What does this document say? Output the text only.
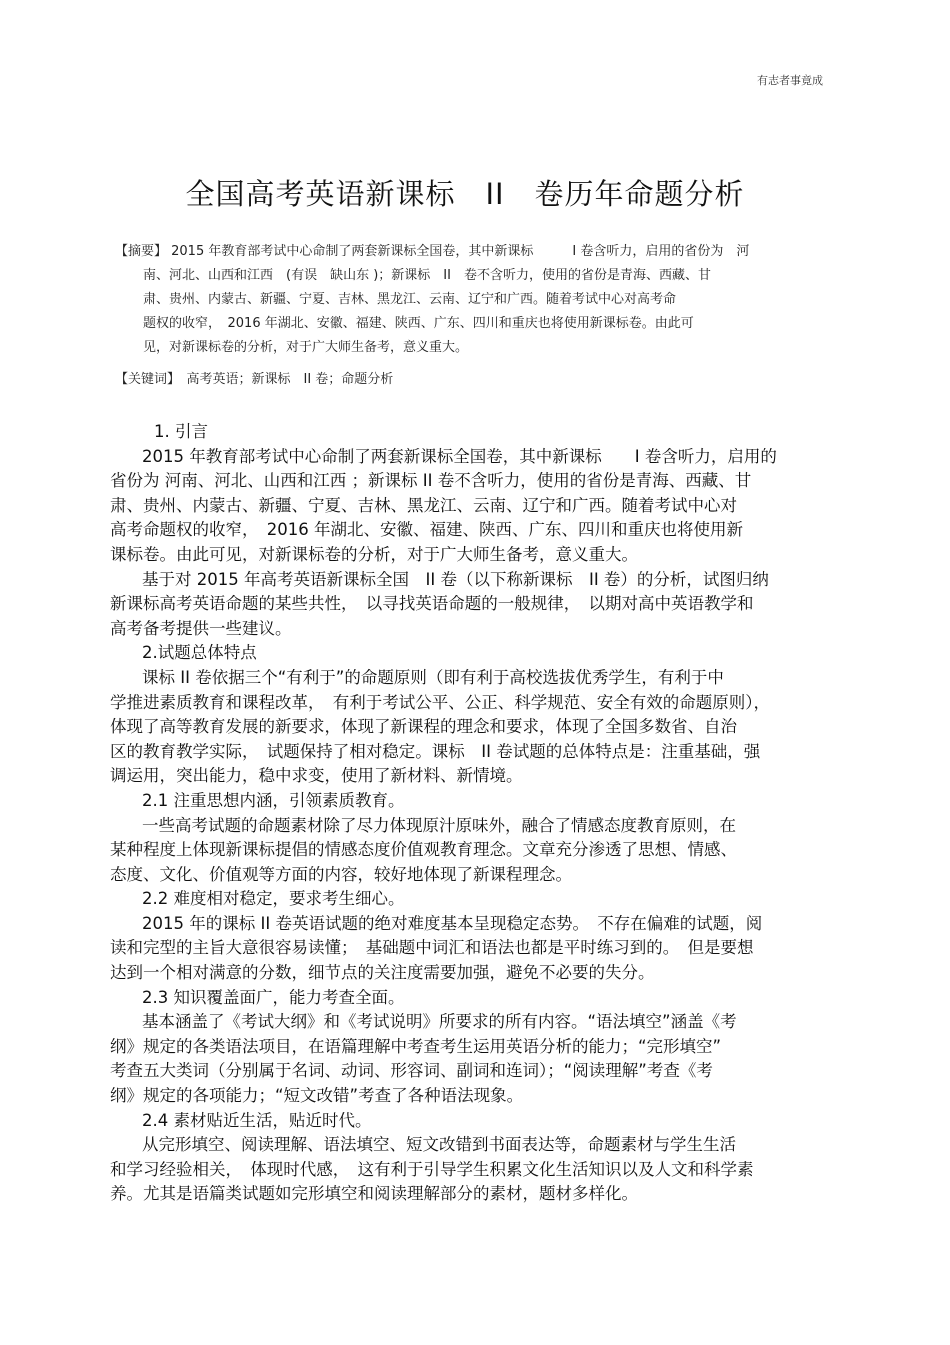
有志者事竟成
全国高考英语新课标　II　卷历年命题分析
【摘要】 2015 年教育部考试中心命制了两套新课标全国卷，其中新课标　　　I 卷含听力，启用的省份为　河
南、河北、山西和江西　(有误　缺山东 )；新课标　II　卷不含听力，使用的省份是青海、西藏、甘
肃、贵州、内蒙古、新疆、宁夏、吉林、黑龙江、云南、辽宁和广西。随着考试中心对高考命
题权的收窄，　2016 年湖北、安徽、福建、陕西、广东、四川和重庆也将使用新课标卷。由此可
见，对新课标卷的分析，对于广大师生备考，意义重大。
【关键词】　高考英语；新课标　II 卷；命题分析

1. 引言

2015 年教育部考试中心命制了两套新课标全国卷，其中新课标　　I 卷含听力，启用的

省份为 河南、河北、山西和江西 ；新课标 II 卷不含听力，使用的省份是青海、西藏、甘

肃、贵州、内蒙古、新疆、宁夏、吉林、黑龙江、云南、辽宁和广西。随着考试中心对

高考命题权的收窄，　2016 年湖北、安徽、福建、陕西、广东、四川和重庆也将使用新

课标卷。由此可见，对新课标卷的分析，对于广大师生备考，意义重大。

基于对 2015 年高考英语新课标全国　II 卷（以下称新课标　II 卷）的分析，试图归纳

新课标高考英语命题的某些共性，　以寻找英语命题的一般规律，　以期对高中英语教学和

高考备考提供一些建议。

2.试题总体特点

课标 II 卷依据三个“有利于”的命题原则（即有利于高校选拔优秀学生，有利于中

学推进素质教育和课程改革，　有利于考试公平、公正、科学规范、安全有效的命题原则），

体现了高等教育发展的新要求，体现了新课程的理念和要求，体现了全国多数省、自治

区的教育教学实际，　试题保持了相对稳定。课标　II 卷试题的总体特点是：注重基础，强

调运用，突出能力，稳中求变，使用了新材料、新情境。

2.1 注重思想内涵，引领素质教育。

一些高考试题的命题素材除了尽力体现原汁原味外，融合了情感态度教育原则，在

某种程度上体现新课标提倡的情感态度价值观教育理念。文章充分渗透了思想、情感、

态度、文化、价值观等方面的内容，较好地体现了新课程理念。

2.2 难度相对稳定，要求考生细心。

2015 年的课标 II 卷英语试题的绝对难度基本呈现稳定态势。　不存在偏难的试题，阅

读和完型的主旨大意很容易读懂；　基础题中词汇和语法也都是平时练习到的。　但是要想

达到一个相对满意的分数，细节点的关注度需要加强，避免不必要的失分。

2.3 知识覆盖面广，能力考查全面。

基本涵盖了《考试大纲》和《考试说明》所要求的所有内容。“语法填空”涵盖《考

纲》规定的各类语法项目，在语篇理解中考查考生运用英语分析的能力；“完形填空”

考查五大类词（分别属于名词、动词、形容词、副词和连词）；“阅读理解”考查《考

纲》规定的各项能力；“短文改错”考查了各种语法现象。

2.4 素材贴近生活，贴近时代。

从完形填空、阅读理解、语法填空、短文改错到书面表达等，命题素材与学生生活

和学习经验相关，　体现时代感，　这有利于引导学生积累文化生活知识以及人文和科学素

养。尤其是语篇类试题如完形填空和阅读理解部分的素材，题材多样化。
